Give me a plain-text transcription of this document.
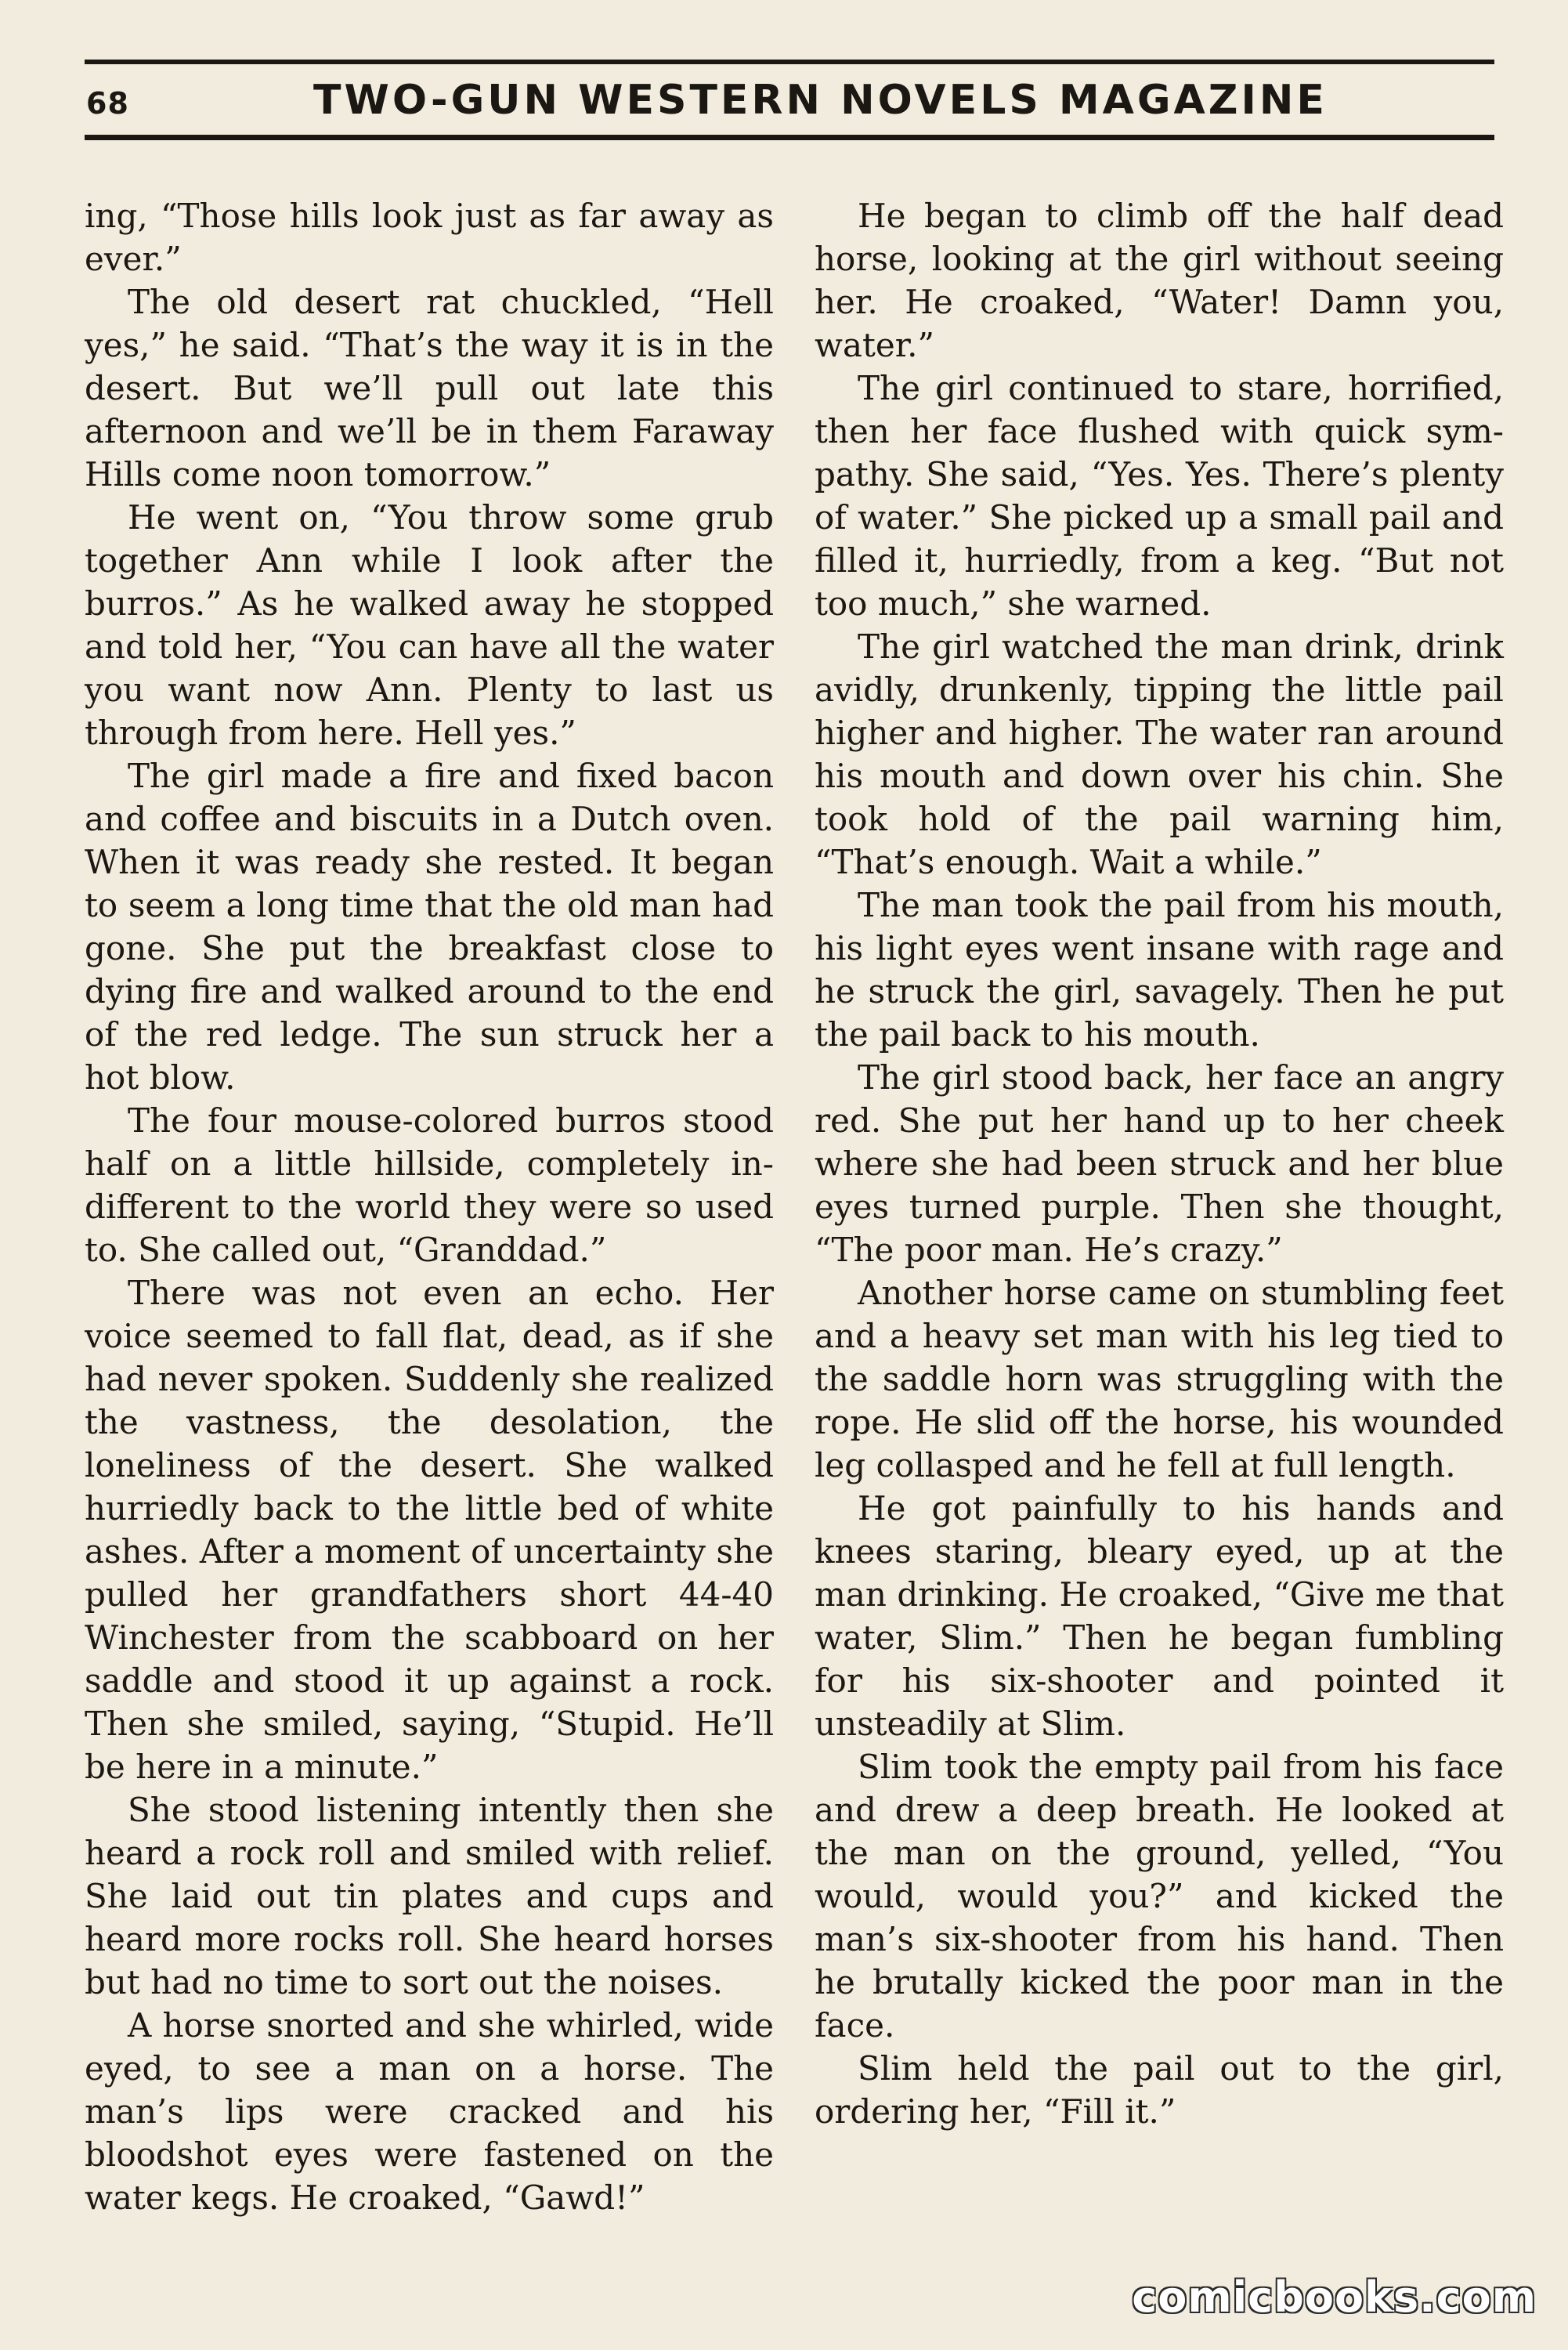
68	TWO-GUN WESTERN NOVELS MAGAZINE

ing, “Those hills look just as far away as ever.”

The old desert rat chuckled, “Hell yes,” he said. “That’s the way it is in the desert. But we’ll pull out late this afternoon and we’ll be in them Faraway Hills come noon tomorrow.”

He went on, “You throw some grub together Ann while I look after the burros.” As he walked away he stopped and told her, “You can have all the water you want now Ann. Plenty to last us through from here. Hell yes.”

The girl made a fire and fixed bacon and coffee and biscuits in a Dutch oven. When it was ready she rested. It began to seem a long time that the old man had gone. She put the breakfast close to dying fire and walked around to the end of the red ledge. The sun struck her a hot blow.

The four mouse-colored burros stood half on a little hillside, completely indifferent to the world they were so used to. She called out, “Granddad.”

There was not even an echo. Her voice seemed to fall flat, dead, as if she had never spoken. Suddenly she realized the vastness, the desolation, the loneliness of the desert. She walked hurriedly back to the little bed of white ashes. After a moment of uncertainty she pulled her grandfathers short 44-40 Winchester from the scabboard on her saddle and stood it up against a rock. Then she smiled, saying, “Stupid. He’ll be here in a minute.”

She stood listening intently then she heard a rock roll and smiled with relief. She laid out tin plates and cups and heard more rocks roll. She heard horses but had no time to sort out the noises.

A horse snorted and she whirled, wide eyed, to see a man on a horse. The man’s lips were cracked and his bloodshot eyes were fastened on the water kegs. He croaked, “Gawd!”

He began to climb off the half dead horse, looking at the girl without seeing her. He croaked, “Water! Damn you, water.”

The girl continued to stare, horrified, then her face flushed with quick sympathy. She said, “Yes. Yes. There’s plenty of water.” She picked up a small pail and filled it, hurriedly, from a keg. “But not too much,” she warned.

The girl watched the man drink, drink avidly, drunkenly, tipping the little pail higher and higher. The water ran around his mouth and down over his chin. She took hold of the pail warning him, “That’s enough. Wait a while.”

The man took the pail from his mouth, his light eyes went insane with rage and he struck the girl, savagely. Then he put the pail back to his mouth.

The girl stood back, her face an angry red. She put her hand up to her cheek where she had been struck and her blue eyes turned purple. Then she thought, “The poor man. He’s crazy.”

Another horse came on stumbling feet and a heavy set man with his leg tied to the saddle horn was struggling with the rope. He slid off the horse, his wounded leg collasped and he fell at full length.

He got painfully to his hands and knees staring, bleary eyed, up at the man drinking. He croaked, “Give me that water, Slim.” Then he began fumbling for his six-shooter and pointed it unsteadily at Slim.

Slim took the empty pail from his face and drew a deep breath. He looked at the man on the ground, yelled, “You would, would you?” and kicked the man’s six-shooter from his hand. Then he brutally kicked the poor man in the face.

Slim held the pail out to the girl, ordering her, “Fill it.”

comicbooks.com
